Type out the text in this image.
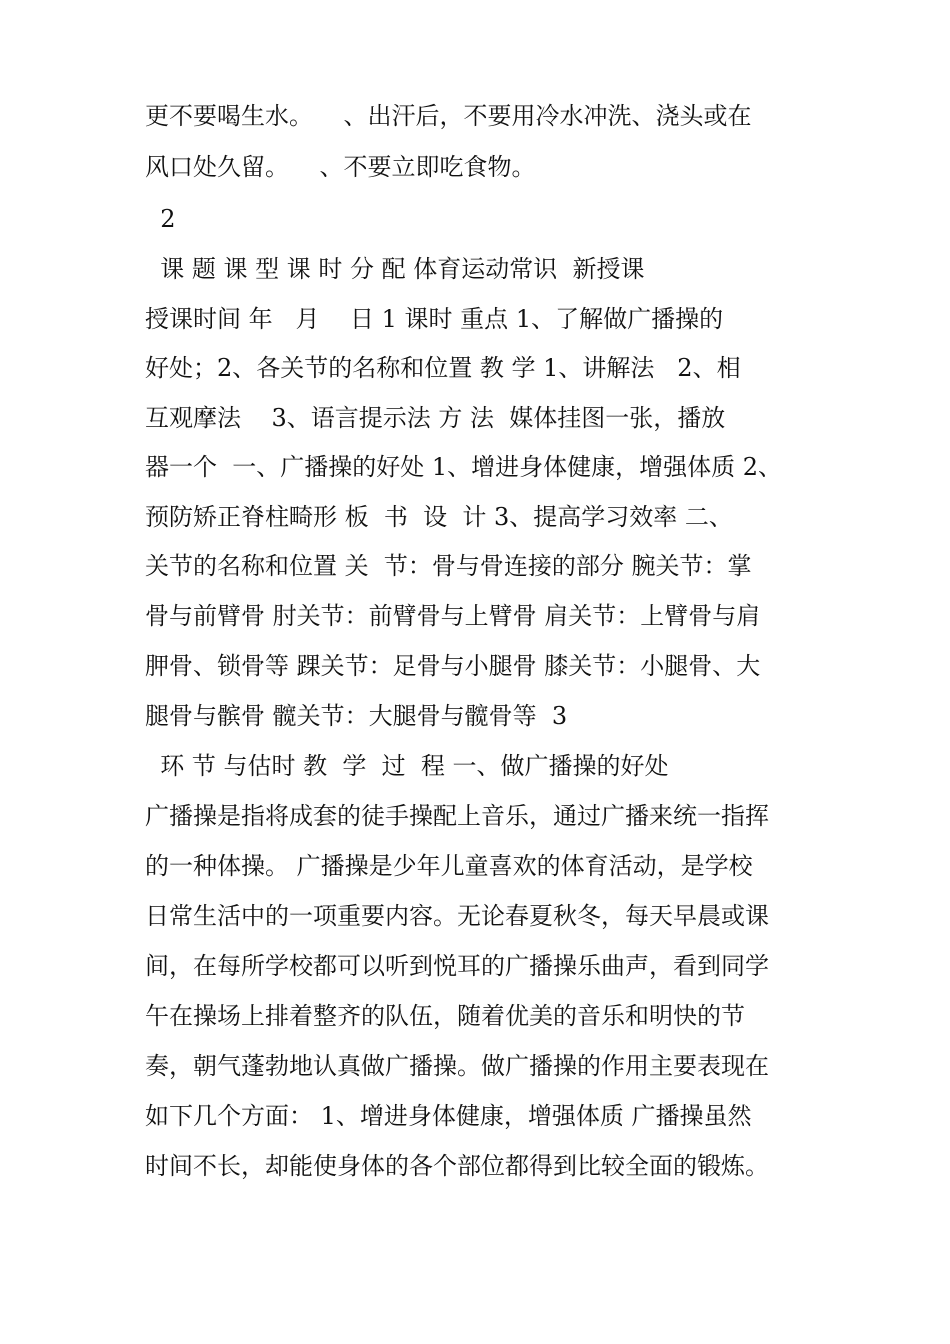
更不要喝生水。    、出汗后，不要用冷水冲洗、浇头或在

风口处久留。    、不要立即吃食物。

2

课 题 课 型 课 时 分 配 体育运动常识  新授课

授课时间 年   月    日 1 课时 重点 1、了解做广播操的

好处；2、各关节的名称和位置 教 学 1、讲解法   2、相

互观摩法    3、语言提示法 方 法  媒体挂图一张，播放

器一个  一、广播操的好处 1、增进身体健康，增强体质 2、

预防矫正脊柱畸形 板  书  设  计 3、提高学习效率 二、

关节的名称和位置 关  节：骨与骨连接的部分 腕关节：掌

骨与前臂骨 肘关节：前臂骨与上臂骨 肩关节：上臂骨与肩

胛骨、锁骨等 踝关节：足骨与小腿骨 膝关节：小腿骨、大

腿骨与髌骨 髋关节：大腿骨与髋骨等  3

环 节 与估时 教  学  过  程 一、做广播操的好处

广播操是指将成套的徒手操配上音乐，通过广播来统一指挥

的一种体操。 广播操是少年儿童喜欢的体育活动，是学校

日常生活中的一项重要内容。无论春夏秋冬，每天早晨或课

间，在每所学校都可以听到悦耳的广播操乐曲声，看到同学

午在操场上排着整齐的队伍，随着优美的音乐和明快的节

奏，朝气蓬勃地认真做广播操。做广播操的作用主要表现在

如下几个方面： 1、增进身体健康，增强体质 广播操虽然

时间不长，却能使身体的各个部位都得到比较全面的锻炼。
